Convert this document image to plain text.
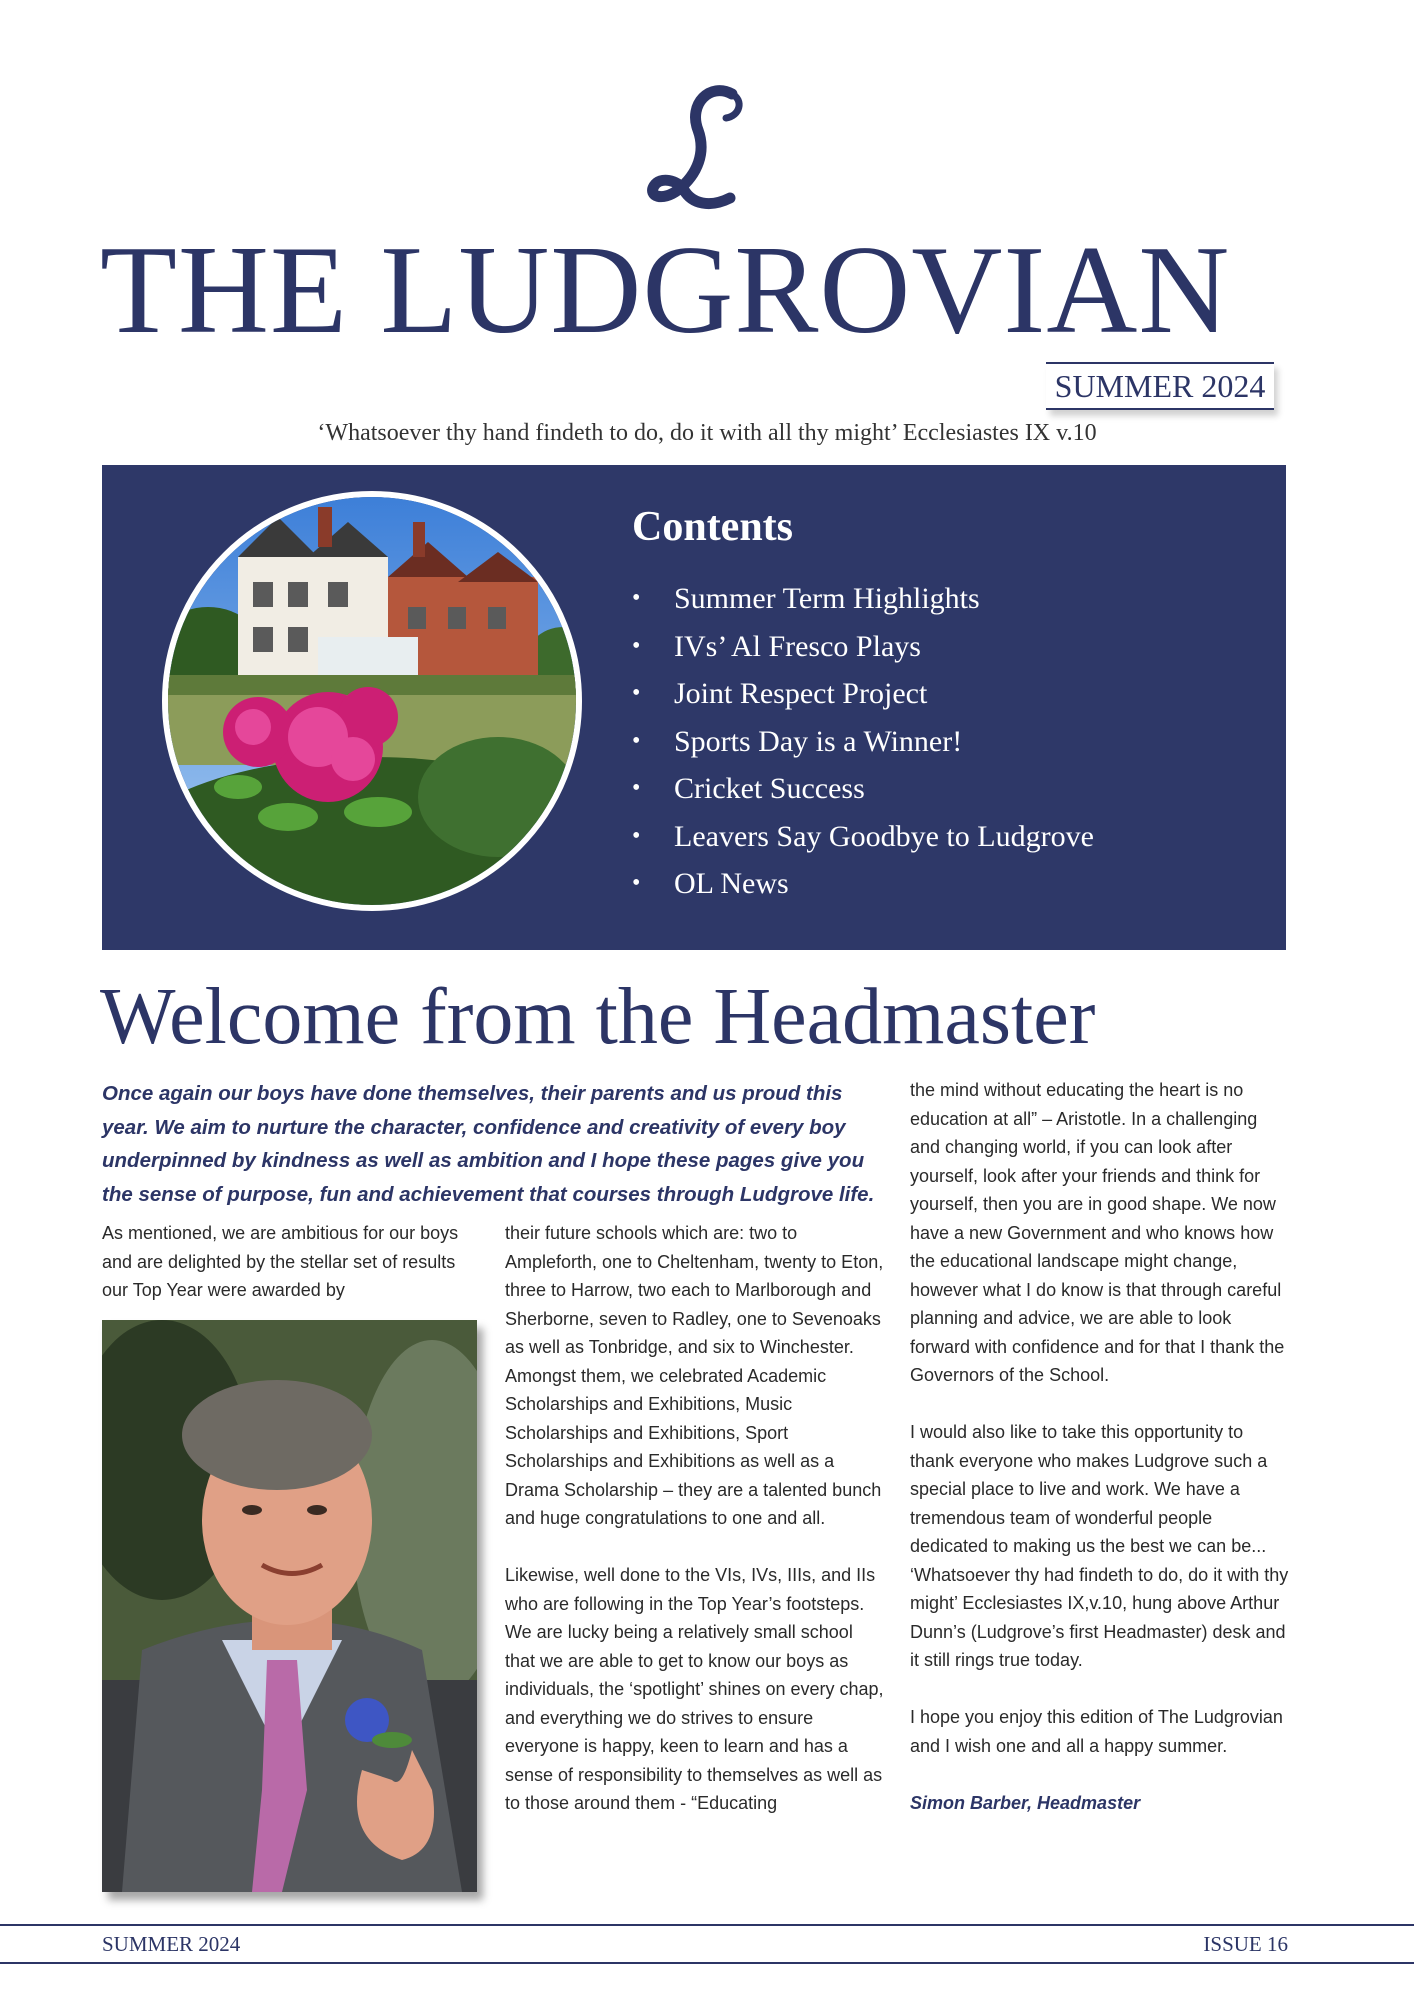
THE LUDGROVIAN
SUMMER 2024
‘Whatsoever thy hand findeth to do, do it with all thy might’ Ecclesiastes IX v.10
Contents
•	Summer Term Highlights
•	IVs’ Al Fresco Plays
•	Joint Respect Project
•	Sports Day is a Winner!
•	Cricket Success
•	Leavers Say Goodbye to Ludgrove
•	OL News
Welcome from the Headmaster

Once again our boys have done themselves, their parents and us proud this year. We aim to nurture the character, confidence and creativity of every boy underpinned by kindness as well as ambition and I hope these pages give you the sense of purpose, fun and achievement that courses through Ludgrove life.

As mentioned, we are ambitious for our boys and are delighted by the stellar set of results our Top Year were awarded by

their future schools which are: two to Ampleforth, one to Cheltenham, twenty to Eton, three to Harrow, two each to Marlborough and Sherborne, seven to Radley, one to Sevenoaks as well as Tonbridge, and six to Winchester. Amongst them, we celebrated Academic Scholarships and Exhibitions, Music Scholarships and Exhibitions, Sport Scholarships and Exhibitions as well as a Drama Scholarship – they are a talented bunch and huge congratulations to one and all.

Likewise, well done to the VIs, IVs, IIIs, and IIs who are following in the Top Year’s footsteps. We are lucky being a relatively small school that we are able to get to know our boys as individuals, the ‘spotlight’ shines on every chap, and everything we do strives to ensure everyone is happy, keen to learn and has a sense of responsibility to themselves as well as to those around them - “Educating

the mind without educating the heart is no education at all” – Aristotle. In a challenging and changing world, if you can look after yourself, look after your friends and think for yourself, then you are in good shape. We now have a new Government and who knows how the educational landscape might change, however what I do know is that through careful planning and advice, we are able to look forward with confidence and for that I thank the Governors of the School.

I would also like to take this opportunity to thank everyone who makes Ludgrove such a special place to live and work. We have a tremendous team of wonderful people dedicated to making us the best we can be... ‘Whatsoever thy had findeth to do, do it with thy might’ Ecclesiastes IX,v.10, hung above Arthur Dunn’s (Ludgrove’s first Headmaster) desk and it still rings true today.

I hope you enjoy this edition of The Ludgrovian and I wish one and all a happy summer.

Simon Barber, Headmaster

SUMMER 2024	ISSUE 16
